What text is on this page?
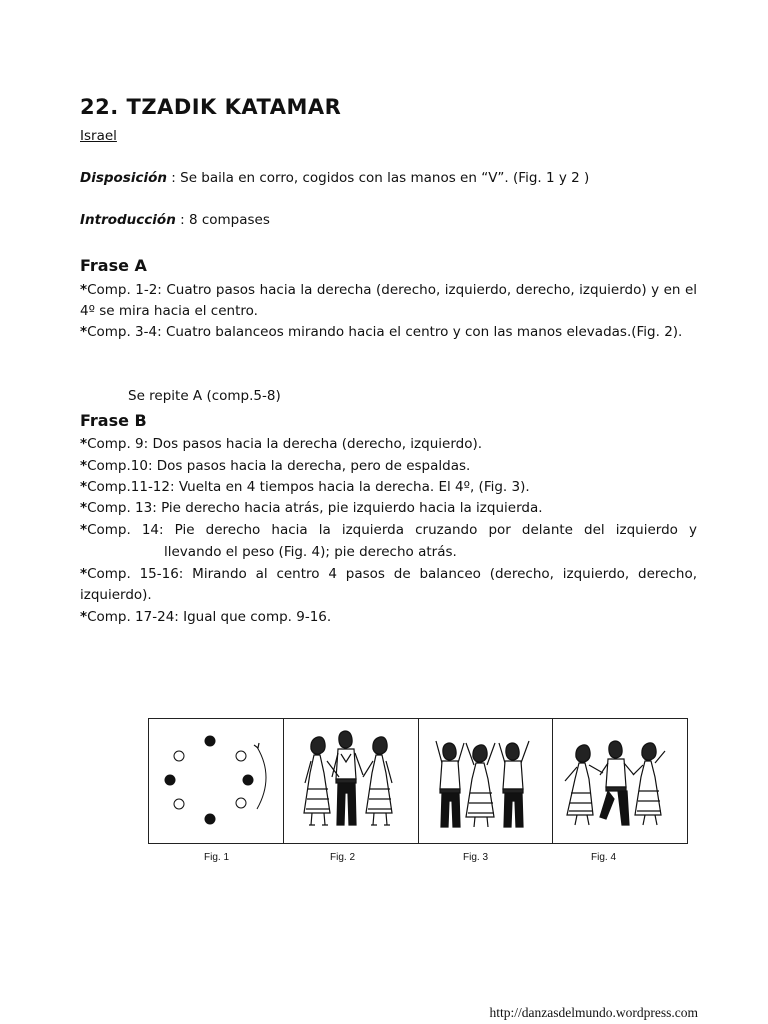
22. TZADIK KATAMAR
Israel
Disposición : Se baila en corro, cogidos con las manos en “V”. (Fig. 1 y 2 )
Introducción : 8 compases
Frase A
*Comp. 1-2: Cuatro pasos hacia la derecha (derecho, izquierdo, derecho, izquierdo) y en el 4º se mira hacia el centro.
*Comp. 3-4: Cuatro balanceos mirando hacia el centro y con las manos elevadas.(Fig. 2).
Se repite A (comp.5-8)
Frase B
*Comp. 9: Dos pasos hacia la derecha (derecho, izquierdo).
*Comp.10: Dos pasos hacia la derecha, pero de espaldas.
*Comp.11-12: Vuelta en 4 tiempos hacia la derecha. El 4º, (Fig. 3).
*Comp. 13: Pie derecho hacia atrás, pie izquierdo hacia la izquierda.
*Comp. 14: Pie derecho hacia la izquierda cruzando por delante del izquierdo y
llevando el peso (Fig. 4); pie derecho atrás.
*Comp. 15-16: Mirando al centro 4 pasos de balanceo (derecho, izquierdo, derecho, izquierdo).
*Comp. 17-24: Igual que comp. 9-16.
Fig. 1	Fig. 2	Fig. 3	Fig. 4
http://danzasdelmundo.wordpress.com
